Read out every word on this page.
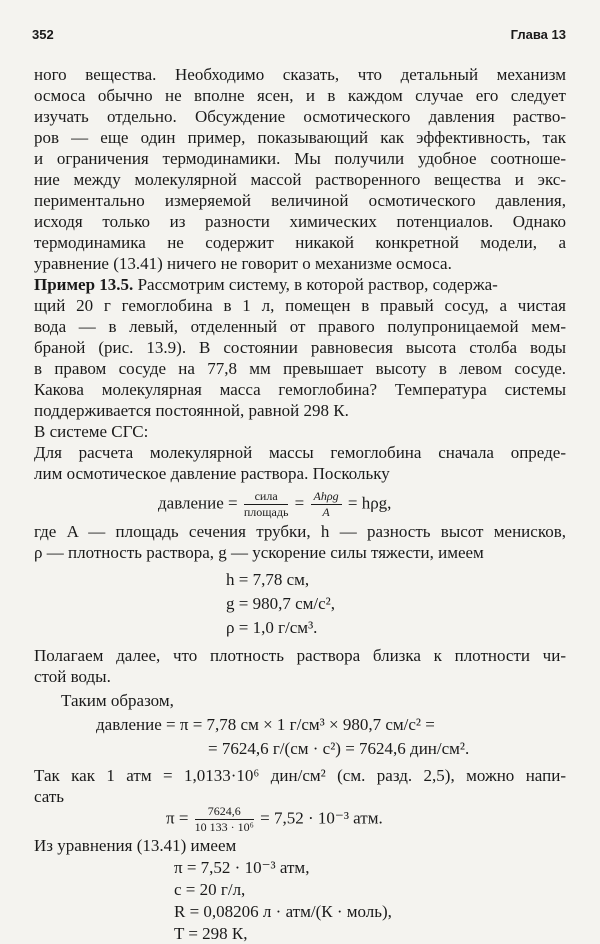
352	Глава 13
ного вещества. Необходимо сказать, что детальный механизм
осмоса обычно не вполне ясен, и в каждом случае его следует
изучать отдельно. Обсуждение осмотического давления раство-
ров — еще один пример, показывающий как эффективность, так
и ограничения термодинамики. Мы получили удобное соотноше-
ние между молекулярной массой растворенного вещества и экс-
периментально измеряемой величиной осмотического давления,
исходя только из разности химических потенциалов. Однако
термодинамика не содержит никакой конкретной модели, а
уравнение (13.41) ничего не говорит о механизме осмоса.
Пример 13.5. Рассмотрим систему, в которой раствор, содержа-
щий 20 г гемоглобина в 1 л, помещен в правый сосуд, а чистая
вода — в левый, отделенный от правого полупроницаемой мем-
браной (рис. 13.9). В состоянии равновесия высота столба воды
в правом сосуде на 77,8 мм превышает высоту в левом сосуде.
Какова молекулярная масса гемоглобина? Температура системы
поддерживается постоянной, равной 298 К.
В системе СГС:
Для расчета молекулярной массы гемоглобина сначала опреде-
лим осмотическое давление раствора. Поскольку
давление = $\frac{\text{сила}}{\text{площадь}} = \frac{\text{Ahρg}}{A} = h\rho g$,
где A — площадь сечения трубки, h — разность высот менисков,
ρ — плотность раствора, g — ускорение силы тяжести, имеем
h = 7,78 см,
g = 980,7 см/с²,
ρ = 1,0 г/см³.
Полагаем далее, что плотность раствора близка к плотности чи-
стой воды.
Таким образом,
давление = π = 7,78 см × 1 г/см³ × 980,7 см/с² =
= 7624,6 г/(см · с²) = 7624,6 дин/см².
Так как 1 атм = 1,0133·10⁶ дин/см² (см. разд. 2,5), можно напи-
сать
$\pi = \frac{7624,6}{\text{10 133 · 10⁶}} = 7,52 \cdot 10^{-3}$ атм.
Из уравнения (13.41) имеем
π = 7,52 · 10⁻³ атм,
c = 20 г/л,
R = 0,08206 л · атм/(К · моль),
T = 298 К,
